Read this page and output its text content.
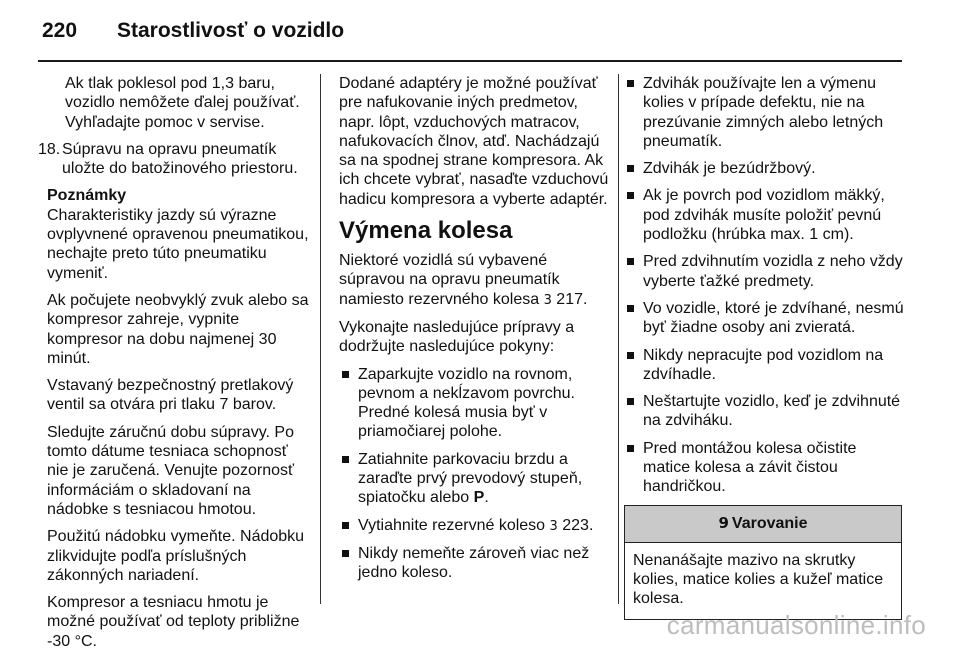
220 Starostlivosť o vozidlo

Ak tlak poklesol pod 1,3 baru, vozidlo nemôžete ďalej používať. Vyhľadajte pomoc v servise.

18. Súpravu na opravu pneumatík uložte do batožinového priestoru.

Poznámky

Charakteristiky jazdy sú výrazne ovplyvnené opravenou pneumatikou, nechajte preto túto pneumatiku vymeniť.

Ak počujete neobvyklý zvuk alebo sa kompresor zahreje, vypnite kompresor na dobu najmenej 30 minút.

Vstavaný bezpečnostný pretlakový ventil sa otvára pri tlaku 7 barov.

Sledujte záručnú dobu súpravy. Po tomto dátume tesniaca schopnosť nie je zaručená. Venujte pozornosť informáciám o skladovaní na nádobke s tesniacou hmotou.

Použitú nádobku vymeňte. Nádobku zlikvidujte podľa príslušných zákonných nariadení.

Kompresor a tesniacu hmotu je možné používať od teploty približne -30 °C.

Dodané adaptéry je možné používať pre nafukovanie iných predmetov, napr. lôpt, vzduchových matracov, nafukovacích člnov, atď. Nachádzajú sa na spodnej strane kompresora. Ak ich chcete vybrať, nasaďte vzduchovú hadicu kompresora a vyberte adaptér.

Výmena kolesa

Niektoré vozidlá sú vybavené súpravou na opravu pneumatík namiesto rezervného kolesa 3 217.

Vykonajte nasledujúce prípravy a dodržujte nasledujúce pokyny:

Zaparkujte vozidlo na rovnom, pevnom a nekĺzavom povrchu. Predné kolesá musia byť v priamočiarej polohe.
Zatiahnite parkovaciu brzdu a zaraďte prvý prevodový stupeň, spiatočku alebo P.
Vytiahnite rezervné koleso 3 223.
Nikdy nemeňte zároveň viac než jedno koleso.
Zdvihák používajte len a výmenu kolies v prípade defektu, nie na prezúvanie zimných alebo letných pneumatík.
Zdvihák je bezúdržbový.
Ak je povrch pod vozidlom mäkký, pod zdvihák musíte položiť pevnú podložku (hrúbka max. 1 cm).
Pred zdvihnutím vozidla z neho vždy vyberte ťažké predmety.
Vo vozidle, ktoré je zdvíhané, nesmú byť žiadne osoby ani zvieratá.
Nikdy nepracujte pod vozidlom na zdvíhadle.
Neštartujte vozidlo, keď je zdvihnuté na zdviháku.
Pred montážou kolesa očistite matice kolesa a závit čistou handričkou.
9 Varovanie
Nenanášajte mazivo na skrutky kolies, matice kolies a kužeľ matice kolesa.
carmanualsonline.info
